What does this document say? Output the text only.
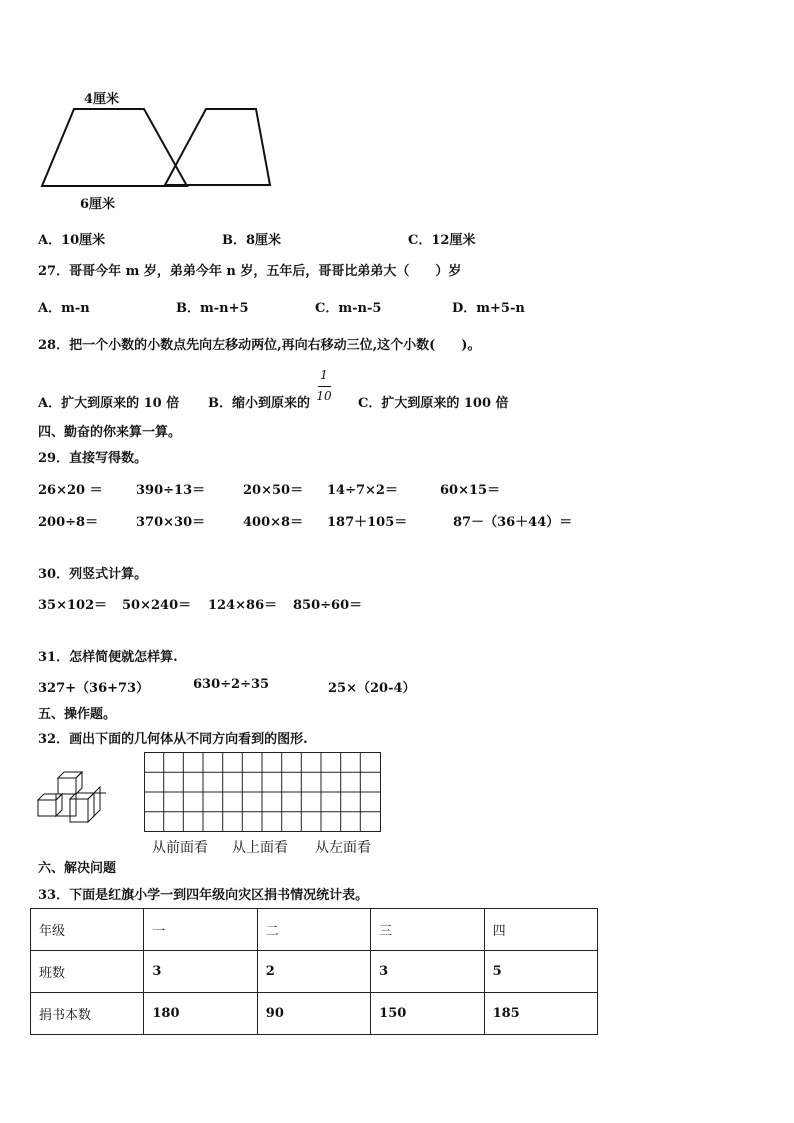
4厘米
6厘米
A．10厘米	B．8厘米	C．12厘米
27．哥哥今年 m 岁，弟弟今年 n 岁，五年后，哥哥比弟弟大（　　）岁
A．m-n	B．m-n+5	C．m-n-5	D．m+5-n
28．把一个小数的小数点先向左移动两位,再向右移动三位,这个小数(　　)。
A．扩大到原来的 10 倍 B．缩小到原来的
1
10 C．扩大到原来的 100 倍
四、勤奋的你来算一算。
29．直接写得数。
26×20 ＝	390÷13＝	20×50＝ 14÷7×2＝	60×15＝
200÷8＝	370×30＝	400×8＝ 187＋105＝	87－（36＋44）＝
30．列竖式计算。
35×102＝ 50×240＝ 124×86＝ 850÷60＝
31．怎样简便就怎样算.
327+（36+73）	630÷2÷35	25×（20-4）
五、操作题。
32．画出下面的几何体从不同方向看到的图形.
从前面看 从上面看 从左面看
六、解决问题
33．下面是红旗小学一到四年级向灾区捐书情况统计表。
年级	一	二	三	四
班数	3	2	3	5
捐书本数	180	90	150	185
